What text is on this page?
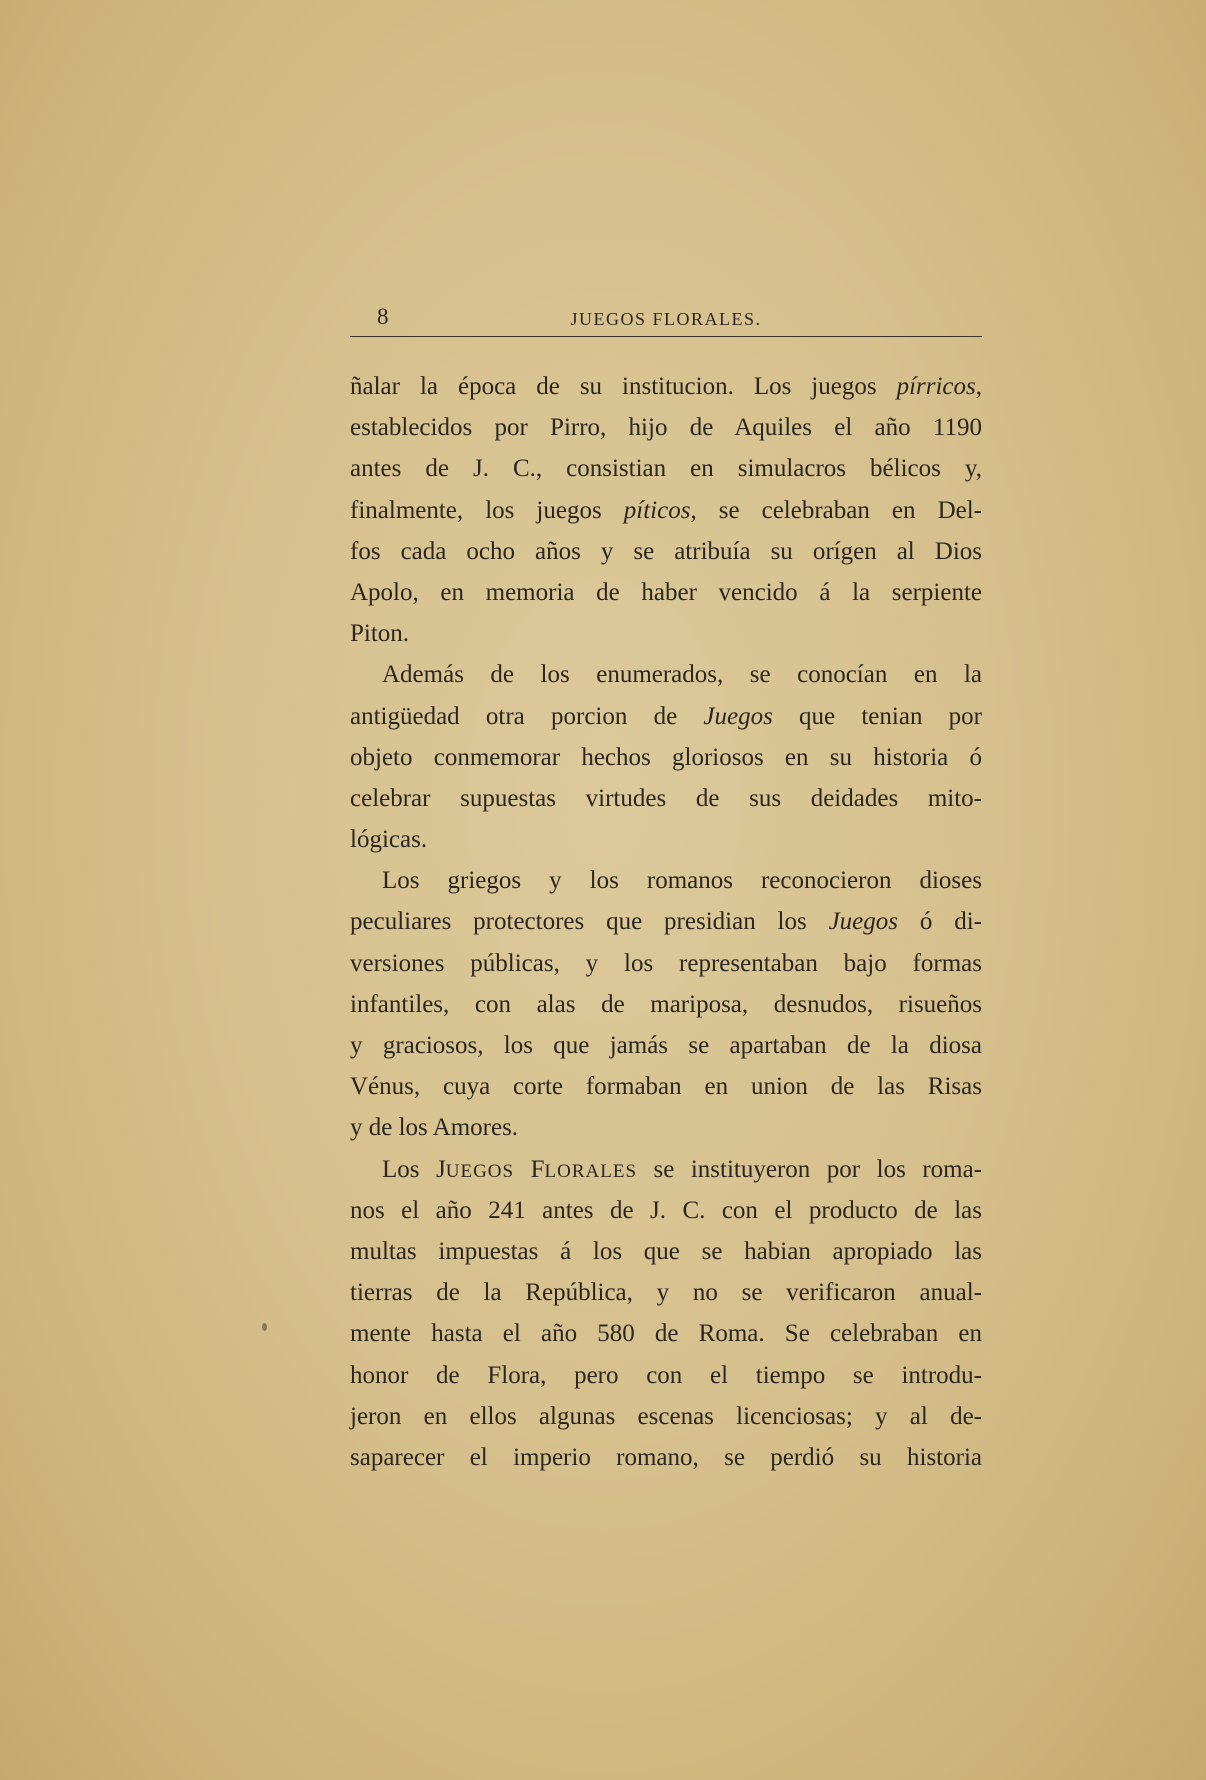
8	JUEGOS FLORALES.
ñalar la época de su institucion. Los juegos pírricos,
establecidos por Pirro, hijo de Aquiles el año 1190
antes de J. C., consistian en simulacros bélicos y,
finalmente, los juegos píticos, se celebraban en Del-
fos cada ocho años y se atribuía su orígen al Dios
Apolo, en memoria de haber vencido á la serpiente
Piton.
Además de los enumerados, se conocían en la
antigüedad otra porcion de Juegos que tenian por
objeto conmemorar hechos gloriosos en su historia ó
celebrar supuestas virtudes de sus deidades mito-
lógicas.
Los griegos y los romanos reconocieron dioses
peculiares protectores que presidian los Juegos ó di-
versiones públicas, y los representaban bajo formas
infantiles, con alas de mariposa, desnudos, risueños
y graciosos, los que jamás se apartaban de la diosa
Vénus, cuya corte formaban en union de las Risas
y de los Amores.
Los JUEGOS FLORALES se instituyeron por los roma-
nos el año 241 antes de J. C. con el producto de las
multas impuestas á los que se habian apropiado las
tierras de la República, y no se verificaron anual-
mente hasta el año 580 de Roma. Se celebraban en
honor de Flora, pero con el tiempo se introdu-
jeron en ellos algunas escenas licenciosas; y al de-
saparecer el imperio romano, se perdió su historia
